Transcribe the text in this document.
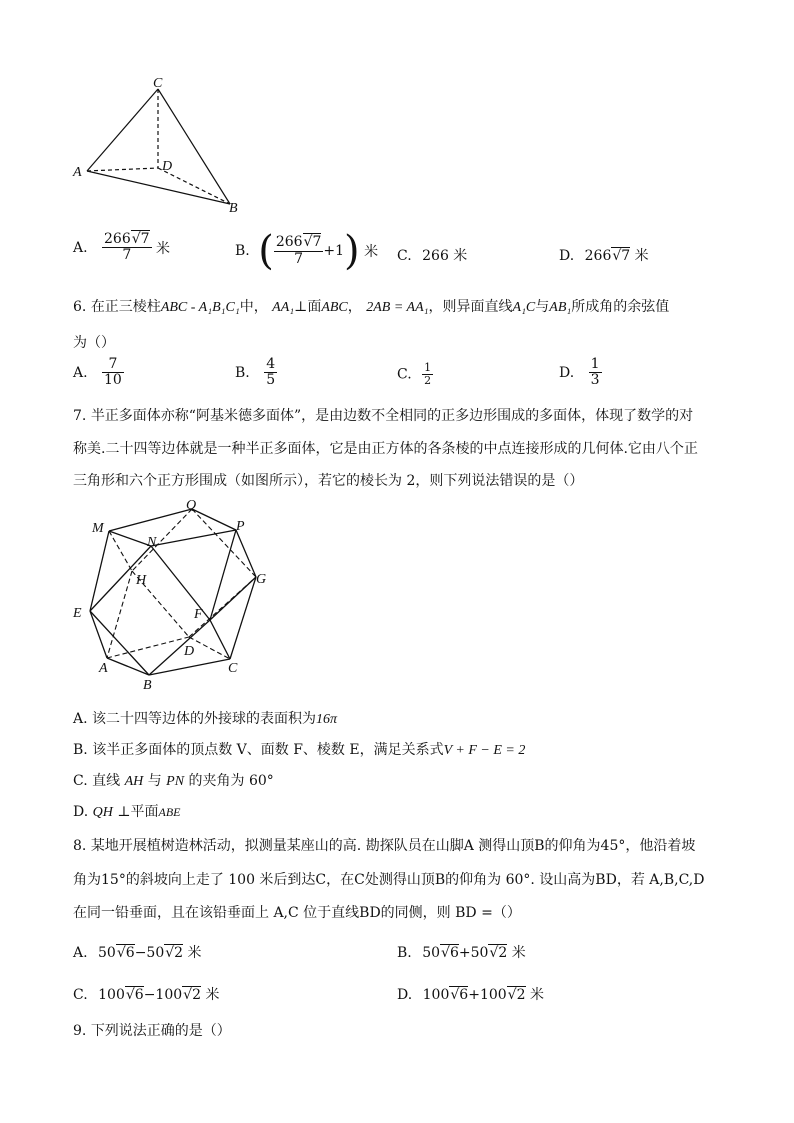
C
D
A
B
A. $\frac{266 √ 7}{7}$ 米	B. ( $\frac{266 √ 7}{7} +1$) 米 C. 266 米	D. 266 √ 7 米
6. 在正三棱柱ABC - A₁B₁C₁中， AA₁⊥面ABC， 2AB = AA₁，则异面直线A₁C与AB₁所成角的余弦值
为（）
A. $\frac{7}{10}$	B. $\frac{4}{5}$	C. $\frac{1}{2}$	D. $\frac{1}{3}$
7. 半正多面体亦称“阿基米德多面体”，是由边数不全相同的正多边形围成的多面体，体现了数学的对
称美.二十四等边体就是一种半正多面体，它是由正方体的各条棱的中点连接形成的几何体.它由八个正
三角形和六个正方形围成（如图所示），若它的棱长为 2，则下列说法错误的是（）
M
Q
P
N
H	G
E	F
D
A
B
C
A. 该二十四等边体的外接球的表面积为16π
B. 该半正多面体的顶点数 V、面数 F、棱数 E，满足关系式V + F − E = 2
C. 直线 AH 与 PN 的夹角为 60°
D. QH ⊥平面ABE
8. 某地开展植树造林活动，拟测量某座山的高. 勘探队员在山脚A 测得山顶B的仰角为45°，他沿着坡
角为15°的斜坡向上走了 100 米后到达C，在C处测得山顶B的仰角为 60°. 设山高为BD，若 A,B,C,D
在同一铅垂面，且在该铅垂面上 A,C 位于直线BD的同侧，则 BD =（）
A. 50 √ 6−50 √ 2 米	B. 50 √ 6+50 √ 2 米
C. 100 √ 6−100 √ 2 米	D. 100 √ 6+100 √ 2 米
9. 下列说法正确的是（）
